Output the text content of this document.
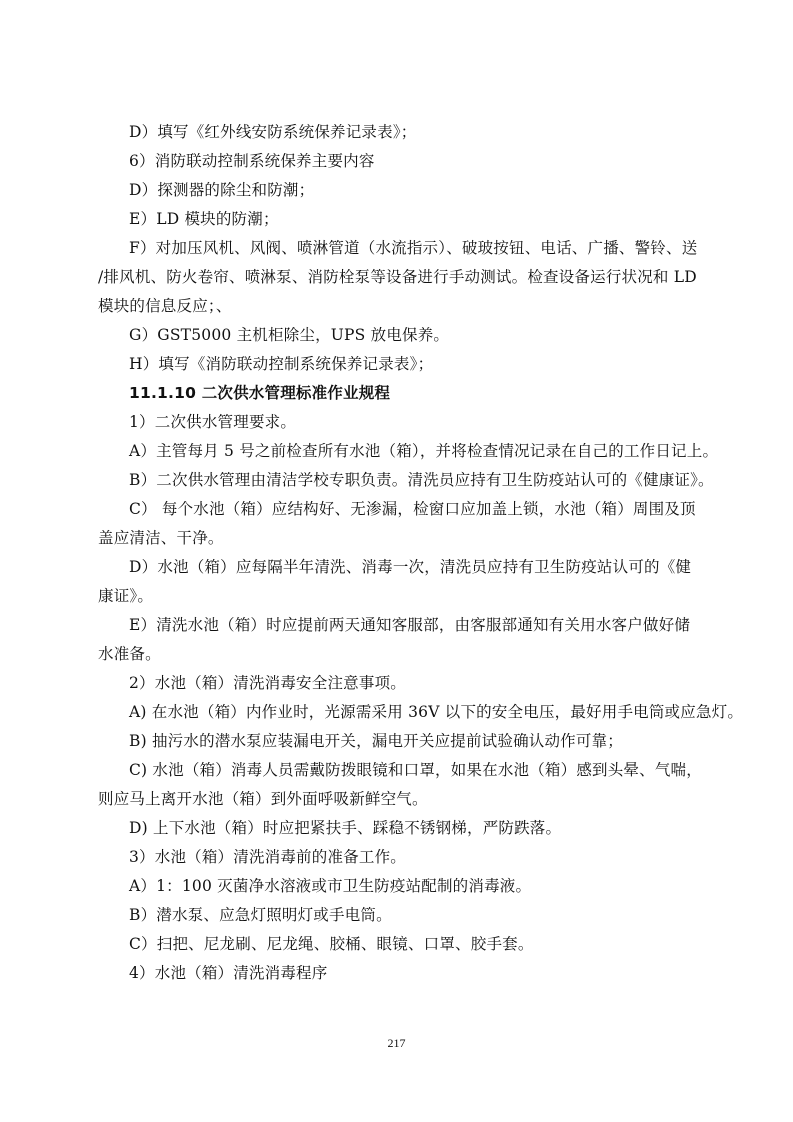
D）填写《红外线安防系统保养记录表》；
6）消防联动控制系统保养主要内容
D）探测器的除尘和防潮；
E）LD 模块的防潮；
F）对加压风机、风阀、喷淋管道（水流指示）、破玻按钮、电话、广播、警铃、送
/排风机、防火卷帘、喷淋泵、消防栓泵等设备进行手动测试。检查设备运行状况和 LD
模块的信息反应；、
G）GST5000 主机柜除尘，UPS 放电保养。
H）填写《消防联动控制系统保养记录表》；
11.1.10 二次供水管理标准作业规程
1）二次供水管理要求。
A）主管每月 5 号之前检查所有水池（箱），并将检查情况记录在自己的工作日记上。
B）二次供水管理由清洁学校专职负责。清洗员应持有卫生防疫站认可的《健康证》。
C） 每个水池（箱）应结构好、无渗漏，检窗口应加盖上锁，水池（箱）周围及顶
盖应清洁、干净。
D）水池（箱）应每隔半年清洗、消毒一次，清洗员应持有卫生防疫站认可的《健
康证》。
E）清洗水池（箱）时应提前两天通知客服部，由客服部通知有关用水客户做好储
水准备。
2）水池（箱）清洗消毒安全注意事项。
A) 在水池（箱）内作业时，光源需采用 36V 以下的安全电压，最好用手电筒或应急灯。
B) 抽污水的潜水泵应装漏电开关，漏电开关应提前试验确认动作可靠；
C) 水池（箱）消毒人员需戴防拨眼镜和口罩，如果在水池（箱）感到头晕、气喘，
则应马上离开水池（箱）到外面呼吸新鲜空气。
D) 上下水池（箱）时应把紧扶手、踩稳不锈钢梯，严防跌落。
3）水池（箱）清洗消毒前的准备工作。
A）1：100 灭菌净水溶液或市卫生防疫站配制的消毒液。
B）潜水泵、应急灯照明灯或手电筒。
C）扫把、尼龙刷、尼龙绳、胶桶、眼镜、口罩、胶手套。
4）水池（箱）清洗消毒程序
217
